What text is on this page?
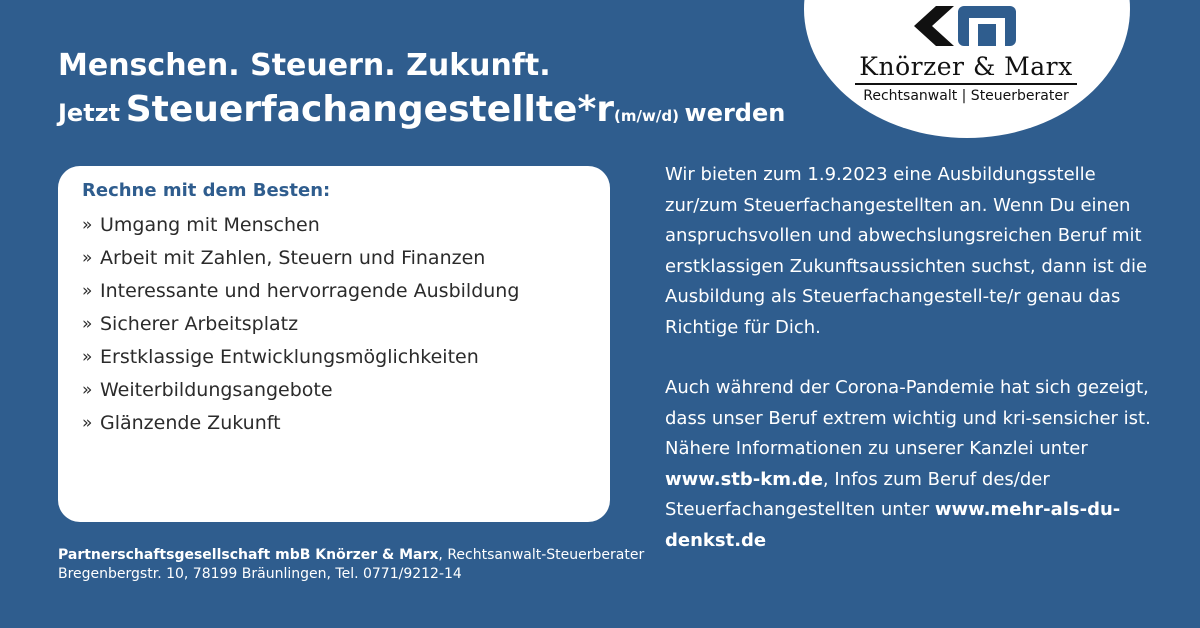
Knörzer & Marx
Rechtsanwalt | Steuerberater
Menschen. Steuern. Zukunft.
Jetzt Steuerfachangestellte*r(m/w/d) werden
Rechne mit dem Besten:
» Umgang mit Menschen
» Arbeit mit Zahlen, Steuern und Finanzen
» Interessante und hervorragende Ausbildung
» Sicherer Arbeitsplatz
» Erstklassige Entwicklungsmöglichkeiten
» Weiterbildungsangebote
» Glänzende Zukunft

Wir bieten zum 1.9.2023 eine Ausbildungsstelle zur/zum Steuerfachangestellten an. Wenn Du einen anspruchsvollen und abwechslungsreichen Beruf mit erstklassigen Zukunftsaussichten suchst, dann ist die Ausbildung als Steuerfachangestell-te/r genau das Richtige für Dich.

Auch während der Corona-Pandemie hat sich gezeigt, dass unser Beruf extrem wichtig und kri-sensicher ist. Nähere Informationen zu unserer Kanzlei unter www.stb-km.de, Infos zum Beruf des/der Steuerfachangestellten unter www.mehr-als-du-denkst.de

Partnerschaftsgesellschaft mbB Knörzer & Marx, Rechtsanwalt-Steuerberater
Bregenbergstr. 10, 78199 Bräunlingen, Tel. 0771/9212-14
